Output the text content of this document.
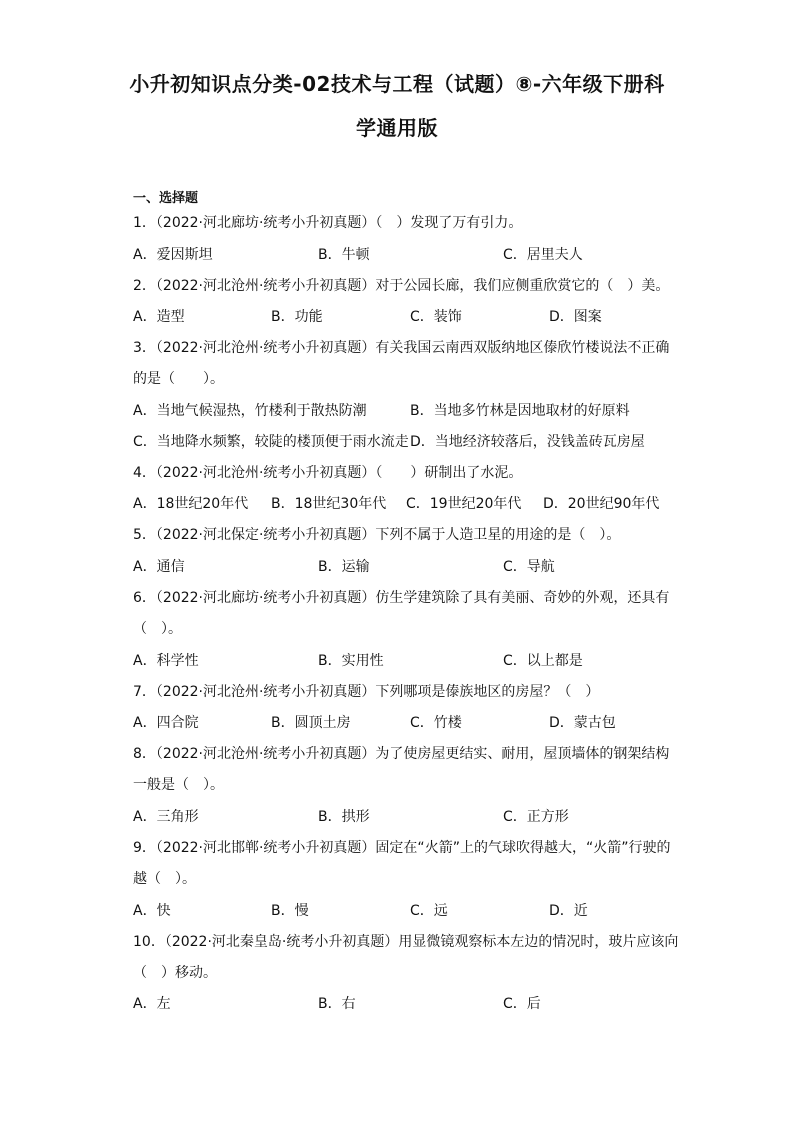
小升初知识点分类-02技术与工程（试题）⑧-六年级下册科
学通用版
一、选择题
1．（2022·河北廊坊·统考小升初真题）（　）发现了万有引力。
A．爱因斯坦	B．牛顿	C．居里夫人
2．（2022·河北沧州·统考小升初真题）对于公园长廊，我们应侧重欣赏它的（　）美。
A．造型	B．功能	C．装饰	D．图案
3．（2022·河北沧州·统考小升初真题）有关我国云南西双版纳地区傣欣竹楼说法不正确
的是（　　）。
A．当地气候湿热，竹楼利于散热防潮	B．当地多竹林是因地取材的好原料
C．当地降水频繁，较陡的楼顶便于雨水流走 D．当地经济较落后，没钱盖砖瓦房屋
4．（2022·河北沧州·统考小升初真题）（　　）研制出了水泥。
A．18世纪20年代 B．18世纪30年代 C．19世纪20年代 D．20世纪90年代
5．（2022·河北保定·统考小升初真题）下列不属于人造卫星的用途的是（　）。
A．通信	B．运输	C．导航
6．（2022·河北廊坊·统考小升初真题）仿生学建筑除了具有美丽、奇妙的外观，还具有
（　）。
A．科学性	B．实用性	C．以上都是
7．（2022·河北沧州·统考小升初真题）下列哪项是傣族地区的房屋？（　）
A．四合院	B．圆顶土房	C．竹楼	D．蒙古包
8．（2022·河北沧州·统考小升初真题）为了使房屋更结实、耐用，屋顶墙体的钢架结构
一般是（　）。
A．三角形	B．拱形	C．正方形
9．（2022·河北邯郸·统考小升初真题）固定在“火箭”上的气球吹得越大，“火箭”行驶的
越（　）。
A．快	B．慢	C．远	D．近
10．（2022·河北秦皇岛·统考小升初真题）用显微镜观察标本左边的情况时，玻片应该向
（　）移动。
A．左	B．右	C．后
